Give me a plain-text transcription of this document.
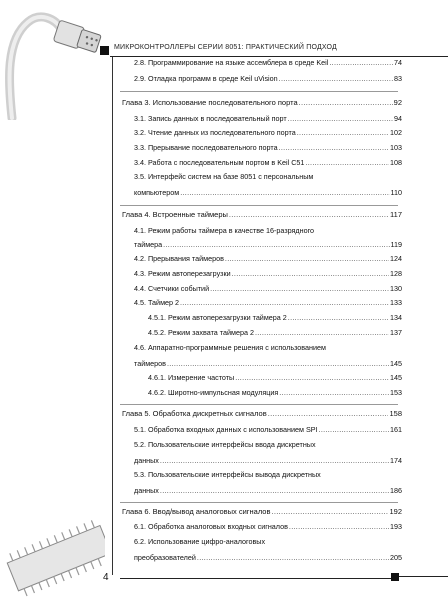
МИКРОКОНТРОЛЛЕРЫ СЕРИИ 8051: ПРАКТИЧЕСКИЙ ПОДХОД
2.8. Программирование на языке ассемблера в среде Keil .....	74
2.9. Отладка программ в среде Keil uVision .....	83
Глава 3. Использование последовательного порта .....	92
3.1. Запись данных в последовательный порт .....	94
3.2. Чтение данных из последовательного порта .....	102
3.3. Прерывание последовательного порта .....	103
3.4. Работа с последовательным портом в Keil C51 .....	108
3.5. Интерфейс систем на базе 8051 с персональным
компьютером .....	110
Глава 4. Встроенные таймеры .....	117
4.1. Режим работы таймера в качестве 16-разрядного
таймера .....	119
4.2. Прерывания таймеров .....	124
4.3. Режим автоперезагрузки .....	128
4.4. Счетчики событий .....	130
4.5. Таймер 2 .....	133
4.5.1. Режим автоперезагрузки таймера 2 .....	134
4.5.2. Режим захвата таймера 2 .....	137
4.6. Аппаратно-программные решения с использованием
таймеров .....	145
4.6.1. Измерение частоты .....	145
4.6.2. Широтно-импульсная модуляция .....	153
Глава 5. Обработка дискретных сигналов .....	158
5.1. Обработка входных данных с использованием SPI .....	161
5.2. Пользовательские интерфейсы ввода дискретных
данных .....	174
5.3. Пользовательские интерфейсы вывода дискретных
данных .....	186
Глава 6. Ввод/вывод аналоговых сигналов .....	192
6.1. Обработка аналоговых входных сигналов .....	193
6.2. Использование цифро-аналоговых
преобразователей .....	205
4
